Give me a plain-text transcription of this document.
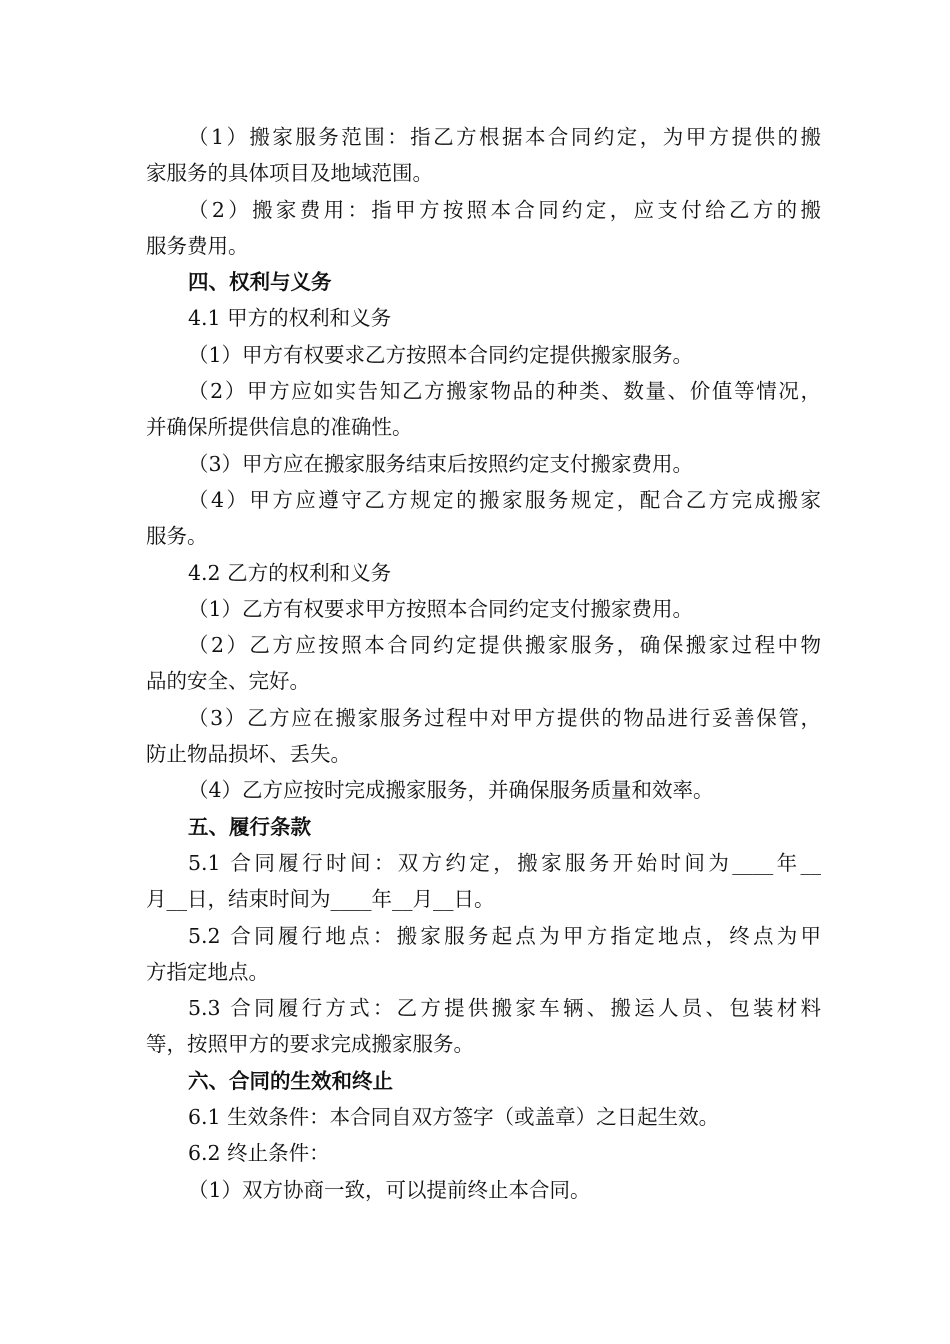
（1）搬家服务范围：指乙方根据本合同约定，为甲方提供的搬
家服务的具体项目及地域范围。
（2）搬家费用：指甲方按照本合同约定，应支付给乙方的搬
服务费用。
四、权利与义务
4.1 甲方的权利和义务
（1）甲方有权要求乙方按照本合同约定提供搬家服务。
（2）甲方应如实告知乙方搬家物品的种类、数量、价值等情况，
并确保所提供信息的准确性。
（3）甲方应在搬家服务结束后按照约定支付搬家费用。
（4）甲方应遵守乙方规定的搬家服务规定，配合乙方完成搬家
服务。
4.2 乙方的权利和义务
（1）乙方有权要求甲方按照本合同约定支付搬家费用。
（2）乙方应按照本合同约定提供搬家服务，确保搬家过程中物
品的安全、完好。
（3）乙方应在搬家服务过程中对甲方提供的物品进行妥善保管，
防止物品损坏、丢失。
（4）乙方应按时完成搬家服务，并确保服务质量和效率。
五、履行条款
5.1 合同履行时间：双方约定，搬家服务开始时间为____年__
月__日，结束时间为____年__月__日。
5.2 合同履行地点：搬家服务起点为甲方指定地点，终点为甲
方指定地点。
5.3 合同履行方式：乙方提供搬家车辆、搬运人员、包装材料
等，按照甲方的要求完成搬家服务。
六、合同的生效和终止
6.1 生效条件：本合同自双方签字（或盖章）之日起生效。
6.2 终止条件：
（1）双方协商一致，可以提前终止本合同。
